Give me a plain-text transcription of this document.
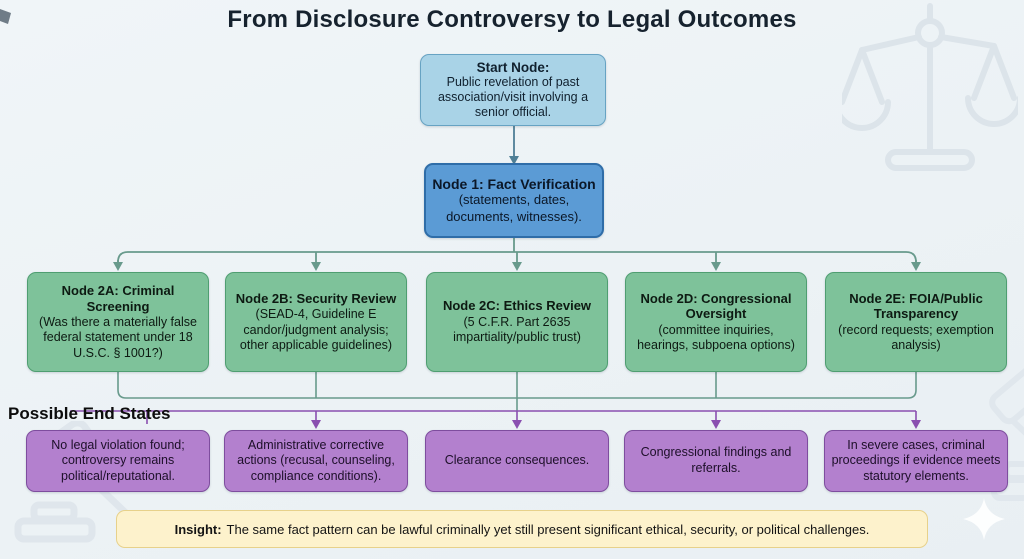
From Disclosure Controversy to Legal Outcomes
Start Node:
Public revelation of past association/visit involving a senior official.
Node 1: Fact Verification
(statements, dates, documents, witnesses).
Node 2A: Criminal Screening
(Was there a materially false federal statement under 18 U.S.C. § 1001?)
Node 2B: Security Review
(SEAD-4, Guideline E candor/judgment analysis; other applicable guidelines)
Node 2C: Ethics Review
(5 C.F.R. Part 2635 impartiality/public trust)
Node 2D: Congressional Oversight
(committee inquiries, hearings, subpoena options)
Node 2E: FOIA/Public Transparency
(record requests; exemption analysis)
Possible End States
No legal violation found; controversy remains political/reputational.
Administrative corrective actions (recusal, counseling, compliance conditions).
Clearance consequences.
Congressional findings and referrals.
In severe cases, criminal proceedings if evidence meets statutory elements.
Insight: The same fact pattern can be lawful criminally yet still present significant ethical, security, or political challenges.
